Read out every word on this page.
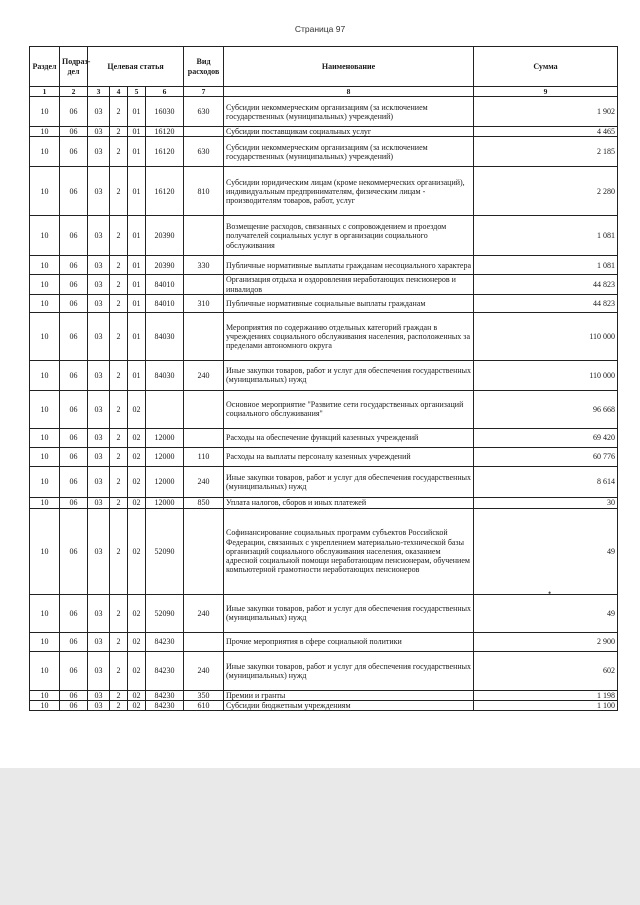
Страница 97
Раздел	Подраз- дел	Целевая статья				Вид расходов	Наименование	Сумма
1	2	3	4	5	6	7	8	9
10	06	03	2	01	16030	630	Субсидии некоммерческим организациям (за исключением государственных (муниципальных) учреждений)	1 902
10	06	03	2	01	16120		Субсидии поставщикам социальных услуг	4 465
10	06	03	2	01	16120	630	Субсидии некоммерческим организациям (за исключением государственных (муниципальных) учреждений)	2 185
10	06	03	2	01	16120	810	Субсидии юридическим лицам (кроме некоммерческих организаций), индивидуальным предпринимателям, физическим лицам - производителям товаров, работ, услуг	2 280
10	06	03	2	01	20390		Возмещение расходов, связанных с сопровождением и проездом получателей социальных услуг в организации социального обслуживания	1 081
10	06	03	2	01	20390	330	Публичные нормативные выплаты гражданам несоциального характера	1 081
10	06	03	2	01	84010		Организация отдыха и оздоровления неработающих пенсионеров и инвалидов	44 823
10	06	03	2	01	84010	310	Публичные нормативные социальные выплаты гражданам	44 823
10	06	03	2	01	84030		Мероприятия по содержанию отдельных категорий граждан в учреждениях социального обслуживания населения, расположенных за пределами автономного округа	110 000
10	06	03	2	01	84030	240	Иные закупки товаров, работ и услуг для обеспечения государственных (муниципальных) нужд	110 000
10	06	03	2	02			Основное мероприятие "Развитие сети государственных организаций социального обслуживания"	96 668
10	06	03	2	02	12000		Расходы на обеспечение функций казенных учреждений	69 420
10	06	03	2	02	12000	110	Расходы на выплаты персоналу казенных учреждений	60 776
10	06	03	2	02	12000	240	Иные закупки товаров, работ и услуг для обеспечения государственных (муниципальных) нужд	8 614
10	06	03	2	02	12000	850	Уплата налогов, сборов и иных платежей	30
10	06	03	2	02	52090		Софинансирование социальных программ субъектов Российской Федерации, связанных с укреплением материально-технической базы организаций социального обслуживания населения, оказанием адресной социальной помощи неработающим пенсионерам, обучением компьютерной грамотности неработающих пенсионеров	49
10	06	03	2	02	52090	240	Иные закупки товаров, работ и услуг для обеспечения государственных (муниципальных) нужд	49
10	06	03	2	02	84230		Прочие мероприятия в сфере социальной политики	2 900
10	06	03	2	02	84230	240	Иные закупки товаров, работ и услуг для обеспечения государственных (муниципальных) нужд	602
10	06	03	2	02	84230	350	Премии и гранты	1 198
10	06	03	2	02	84230	610	Субсидии бюджетным учреждениям	1 100
•
